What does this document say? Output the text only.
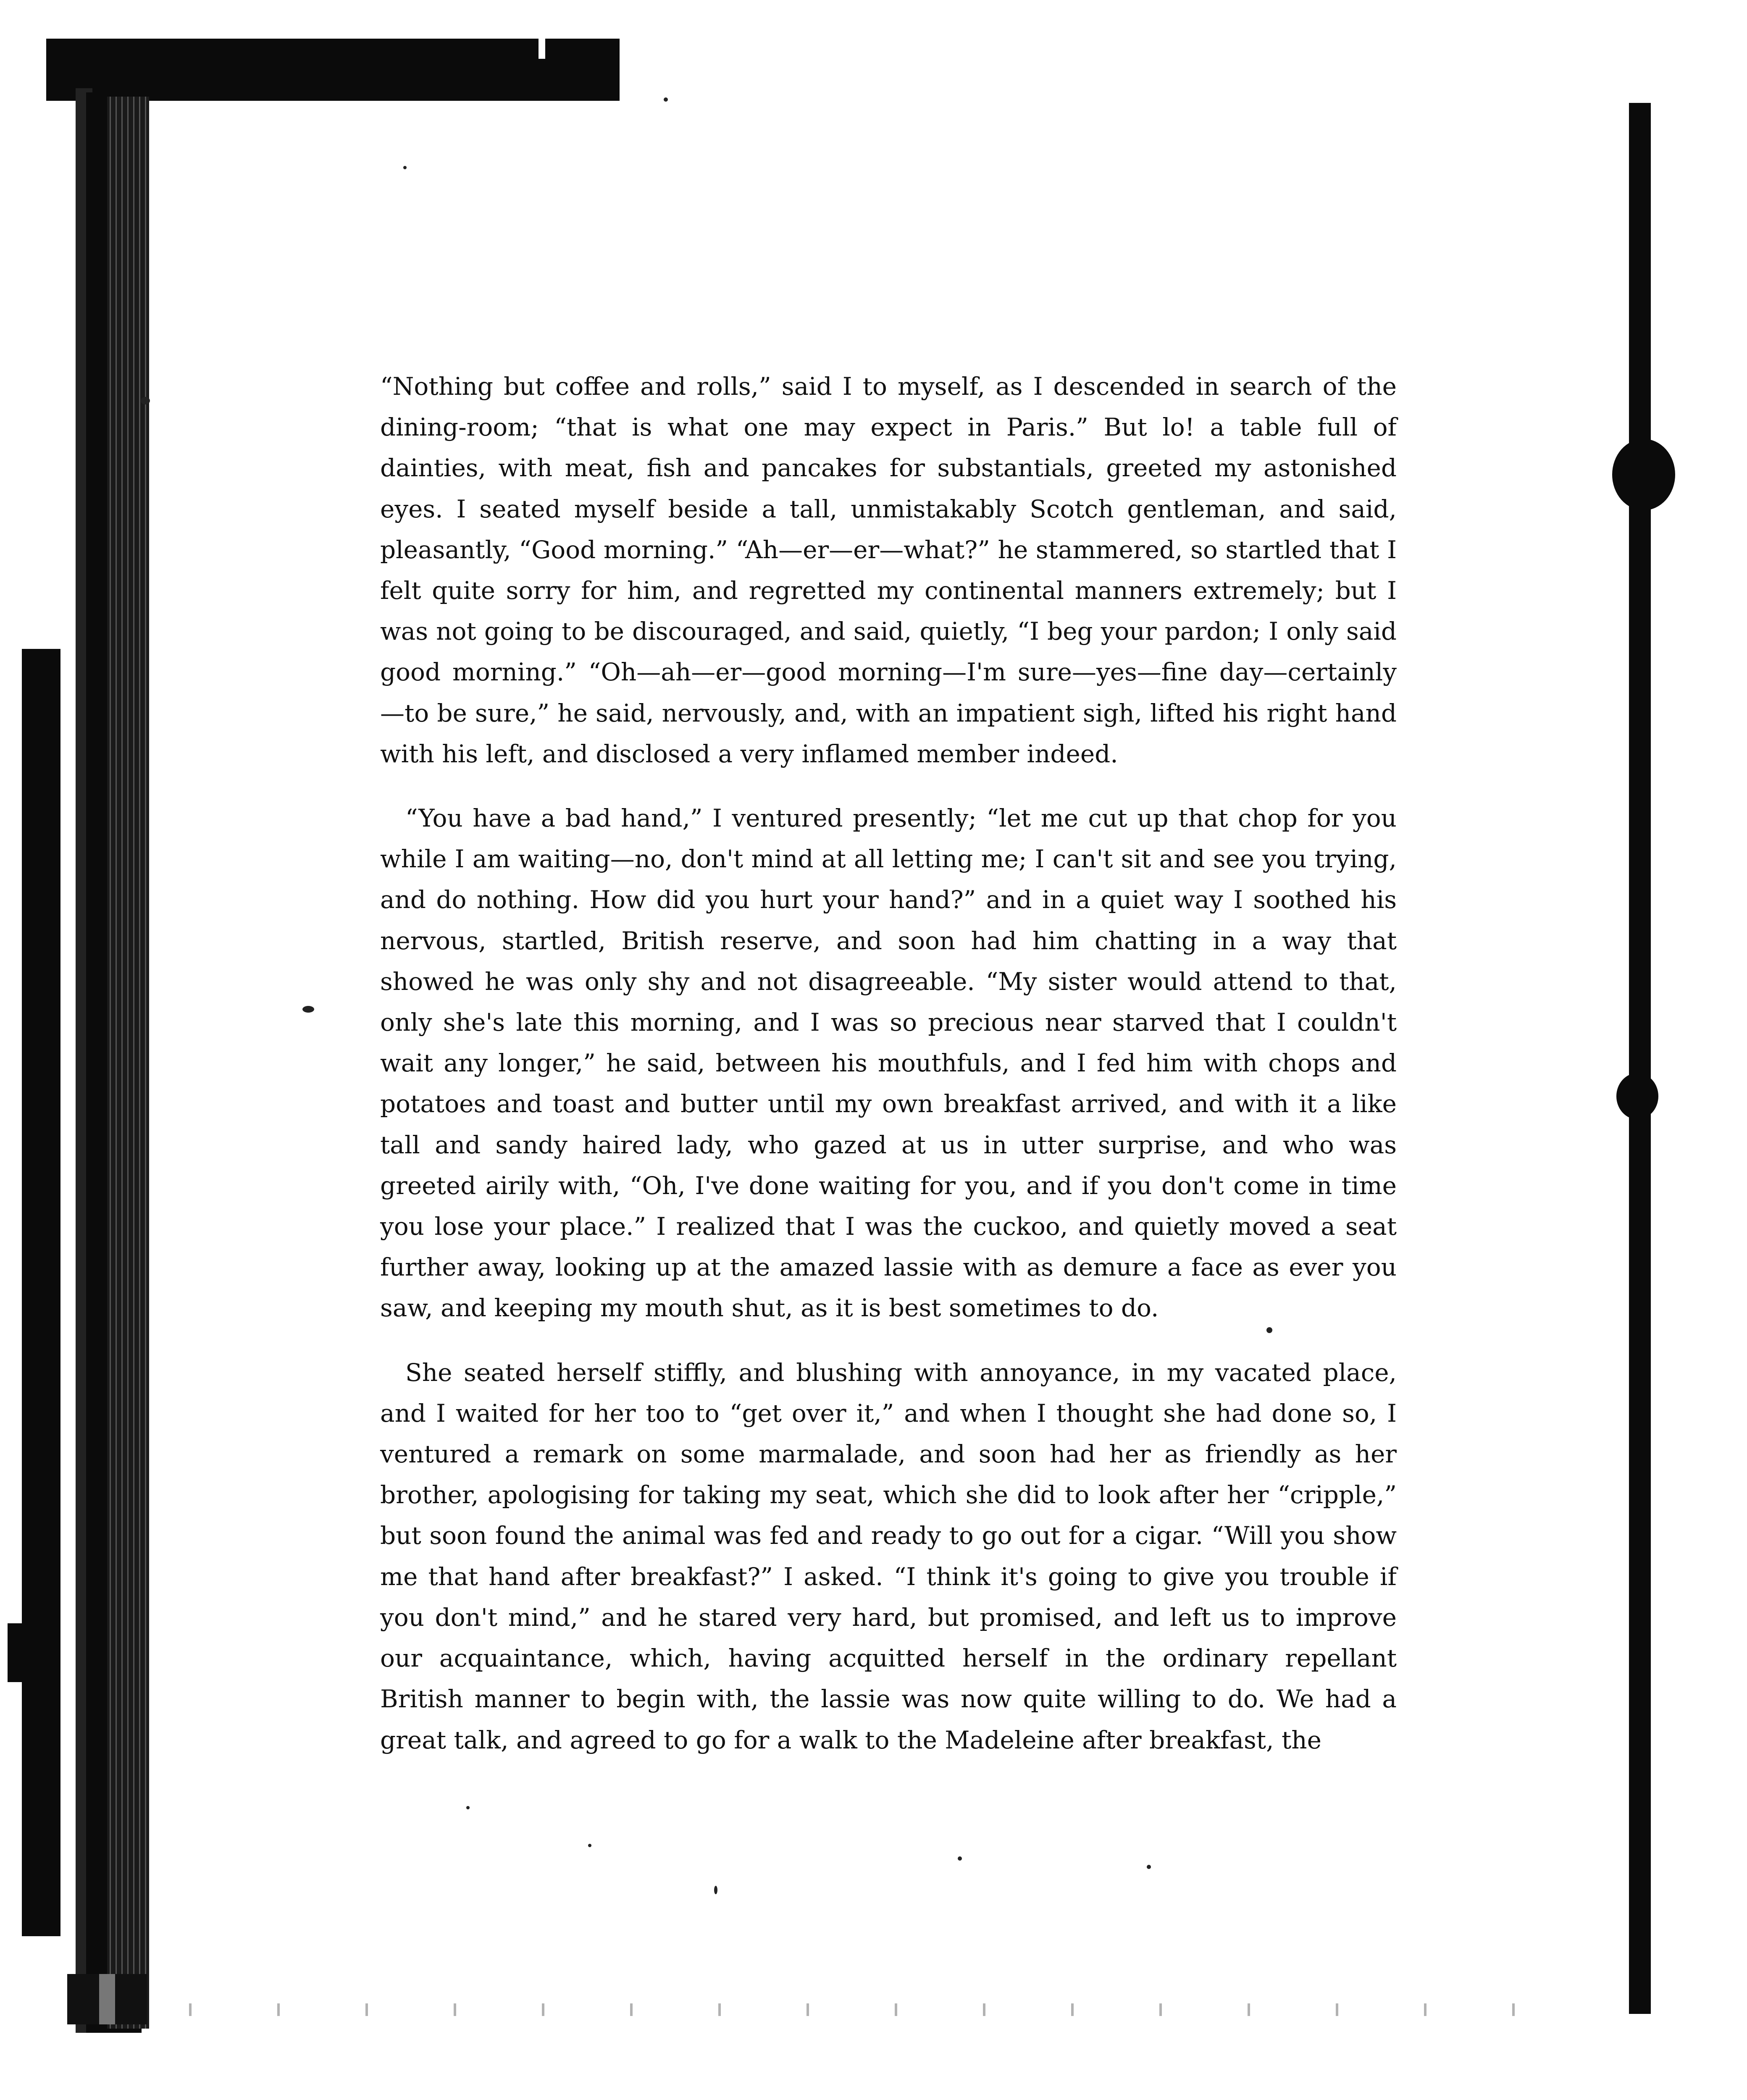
“Nothing but coffee and rolls,” said I to myself, as I descended in search of the dining-room; “that is what one may expect in Paris.” But lo! a table full of dainties, with meat, fish and pancakes for substantials, greeted my astonished eyes. I seated myself beside a tall, unmistakably Scotch gentleman, and said, pleasantly, “Good morning.” “Ah—er—er—what?” he stammered, so startled that I felt quite sorry for him, and regretted my continental manners extremely; but I was not going to be discouraged, and said, quietly, “I beg your pardon; I only said good morning.” “Oh—ah—er—good morning—I'm sure—yes—fine day—certainly—to be sure,” he said, nervously, and, with an impatient sigh, lifted his right hand with his left, and disclosed a very inflamed member indeed.

“You have a bad hand,” I ventured presently; “let me cut up that chop for you while I am waiting—no, don't mind at all letting me; I can't sit and see you trying, and do nothing. How did you hurt your hand?” and in a quiet way I soothed his nervous, startled, British reserve, and soon had him chatting in a way that showed he was only shy and not disagreeable. “My sister would attend to that, only she's late this morning, and I was so precious near starved that I couldn't wait any longer,” he said, between his mouthfuls, and I fed him with chops and potatoes and toast and butter until my own breakfast arrived, and with it a like tall and sandy haired lady, who gazed at us in utter surprise, and who was greeted airily with, “Oh, I've done waiting for you, and if you don't come in time you lose your place.” I realized that I was the cuckoo, and quietly moved a seat further away, looking up at the amazed lassie with as demure a face as ever you saw, and keeping my mouth shut, as it is best sometimes to do.

She seated herself stiffly, and blushing with annoyance, in my vacated place, and I waited for her too to “get over it,” and when I thought she had done so, I ventured a remark on some marmalade, and soon had her as friendly as her brother, apologising for taking my seat, which she did to look after her “cripple,” but soon found the animal was fed and ready to go out for a cigar. “Will you show me that hand after breakfast?” I asked. “I think it's going to give you trouble if you don't mind,” and he stared very hard, but promised, and left us to improve our acquaintance, which, having acquitted herself in the ordinary repellant British manner to begin with, the lassie was now quite willing to do. We had a great talk, and agreed to go for a walk to the Madeleine after breakfast, the
